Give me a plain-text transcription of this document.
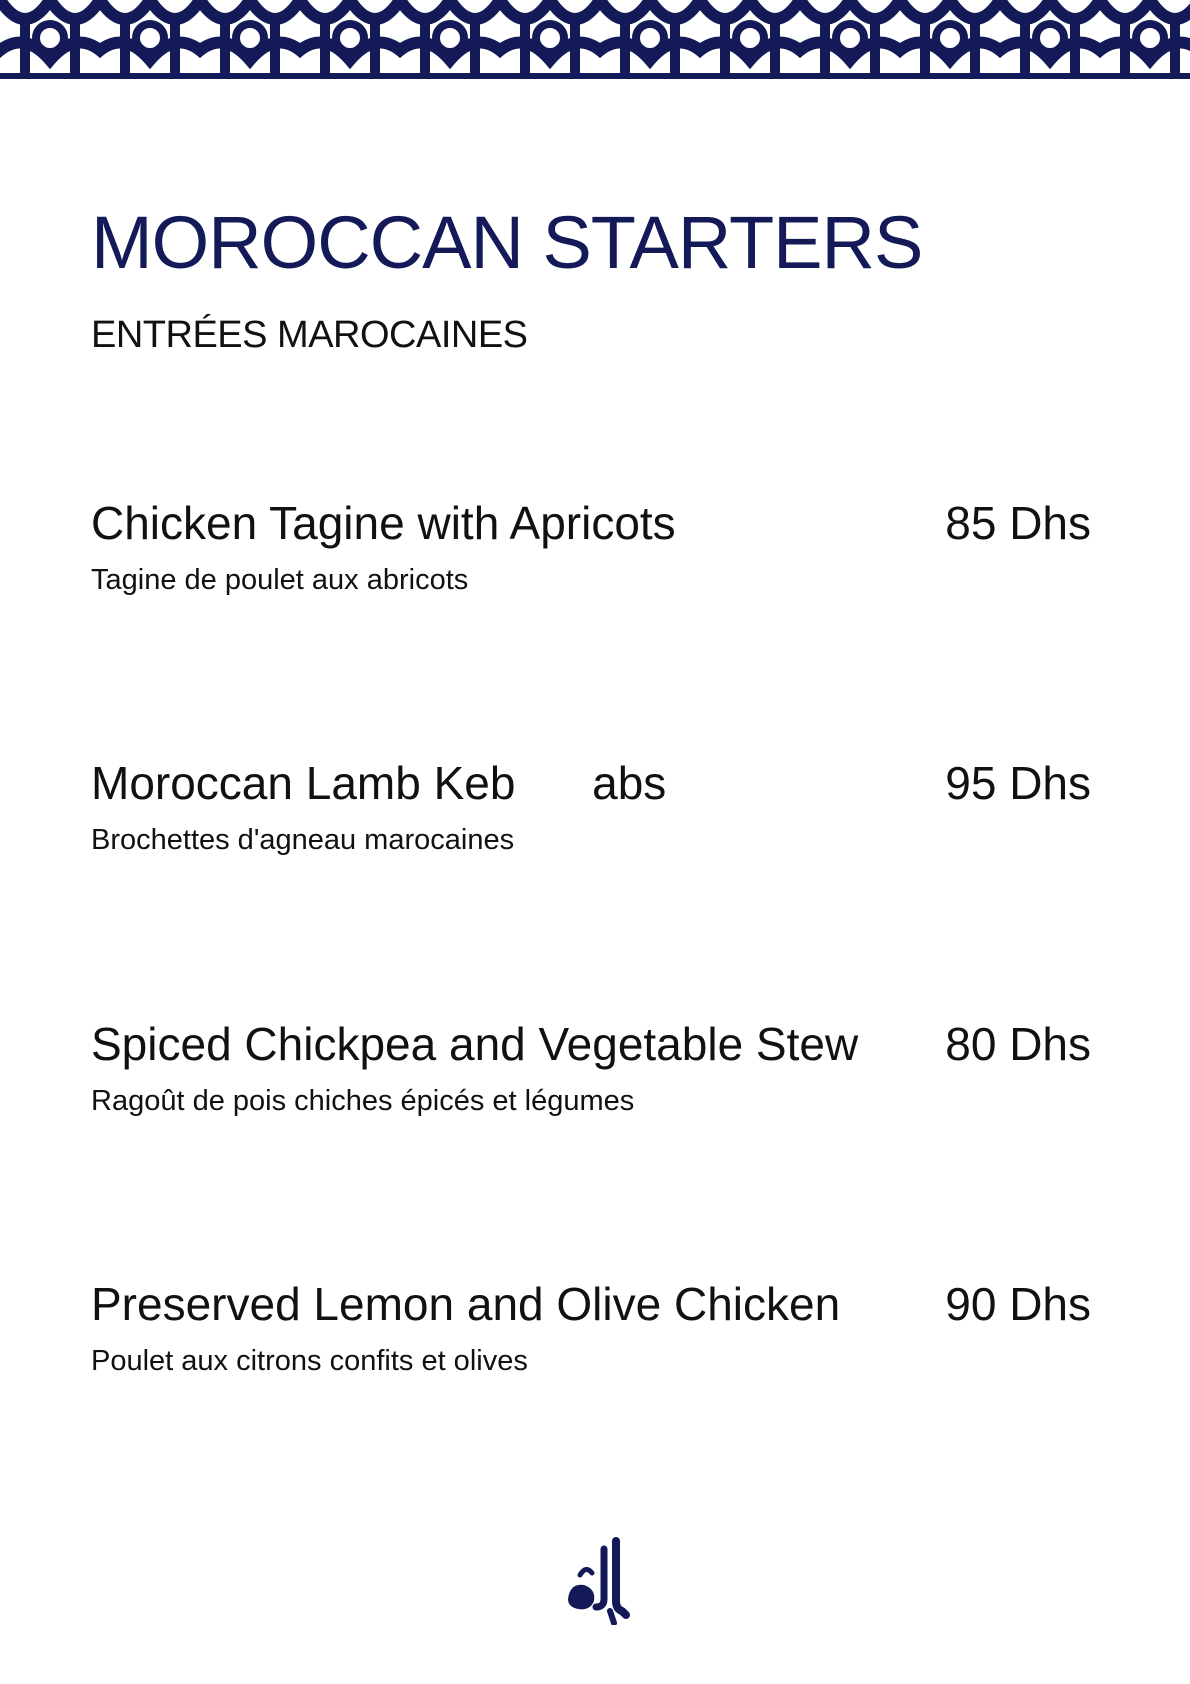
MOROCCAN STARTERS
ENTRÉES MAROCAINES
Chicken Tagine with Apricots
Tagine de poulet aux abricots
85 Dhs
Moroccan Lamb Keb      abs
Brochettes d'agneau marocaines
95 Dhs
Spiced Chickpea and Vegetable Stew
Ragoût de pois chiches épicés et légumes
80 Dhs
Preserved Lemon and Olive Chicken
Poulet aux citrons confits et olives
90 Dhs
